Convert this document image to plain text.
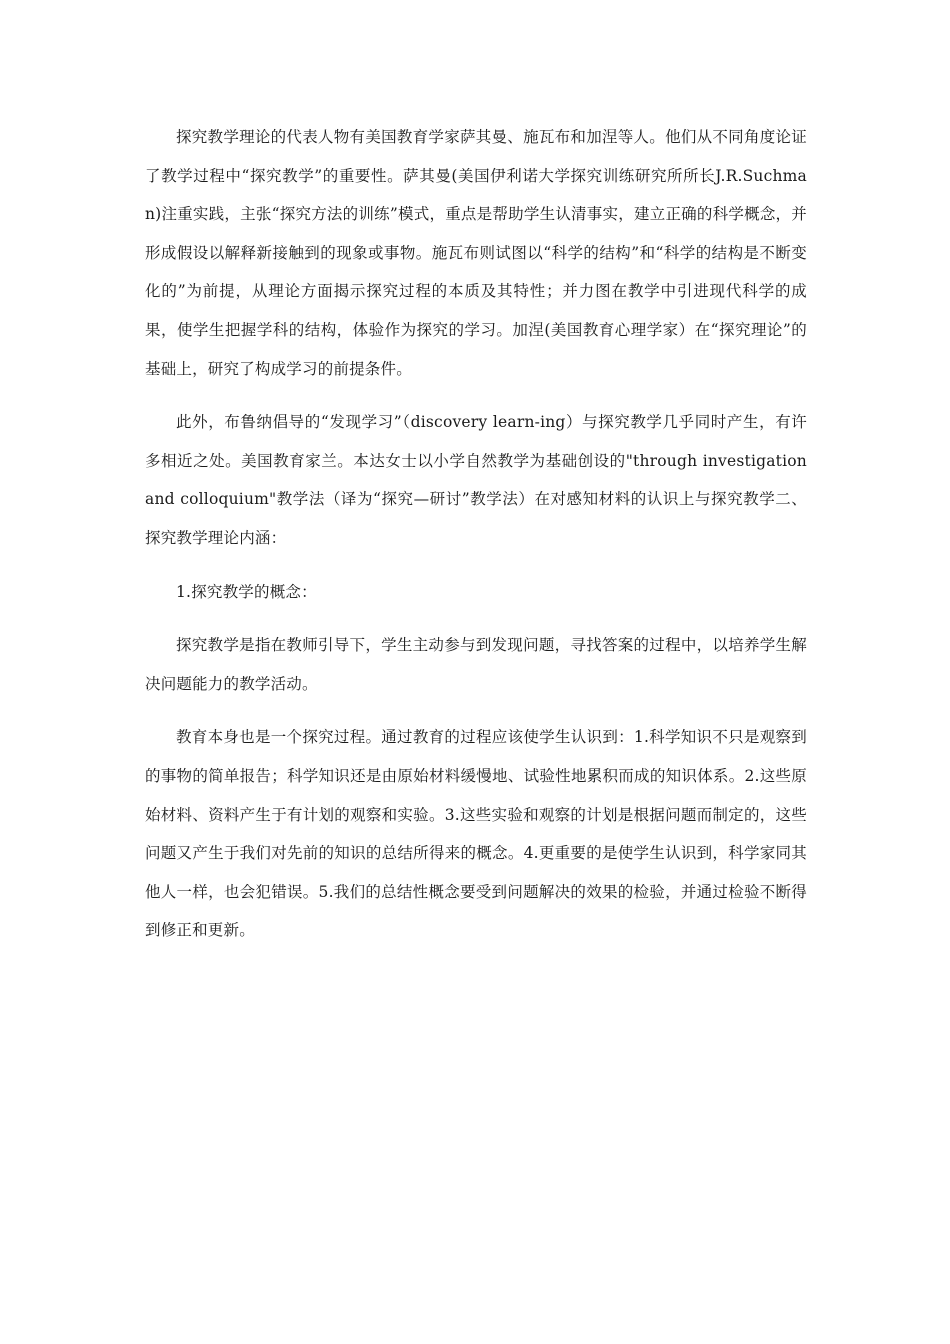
探究教学理论的代表人物有美国教育学家萨其曼、施瓦布和加涅等人。他们从不同角度论证了教学过程中“探究教学”的重要性。萨其曼(美国伊利诺大学探究训练研究所所长J.R.Suchman)注重实践，主张“探究方法的训练”模式，重点是帮助学生认清事实，建立正确的科学概念，并形成假设以解释新接触到的现象或事物。施瓦布则试图以“科学的结构”和“科学的结构是不断变化的”为前提，从理论方面揭示探究过程的本质及其特性；并力图在教学中引进现代科学的成果，使学生把握学科的结构，体验作为探究的学习。加涅(美国教育心理学家）在“探究理论”的基础上，研究了构成学习的前提条件。

此外，布鲁纳倡导的“发现学习”（discovery learn-ing）与探究教学几乎同时产生，有许多相近之处。美国教育家兰。本达女士以小学自然教学为基础创设的"through investigation and colloquium"教学法（译为“探究—研讨”教学法）在对感知材料的认识上与探究教学二、探究教学理论内涵：

1.探究教学的概念：

探究教学是指在教师引导下，学生主动参与到发现问题，寻找答案的过程中，以培养学生解决问题能力的教学活动。

教育本身也是一个探究过程。通过教育的过程应该使学生认识到：1.科学知识不只是观察到的事物的简单报告；科学知识还是由原始材料缓慢地、试验性地累积而成的知识体系。2.这些原始材料、资料产生于有计划的观察和实验。3.这些实验和观察的计划是根据问题而制定的，这些问题又产生于我们对先前的知识的总结所得来的概念。4.更重要的是使学生认识到，科学家同其他人一样，也会犯错误。5.我们的总结性概念要受到问题解决的效果的检验，并通过检验不断得到修正和更新。
